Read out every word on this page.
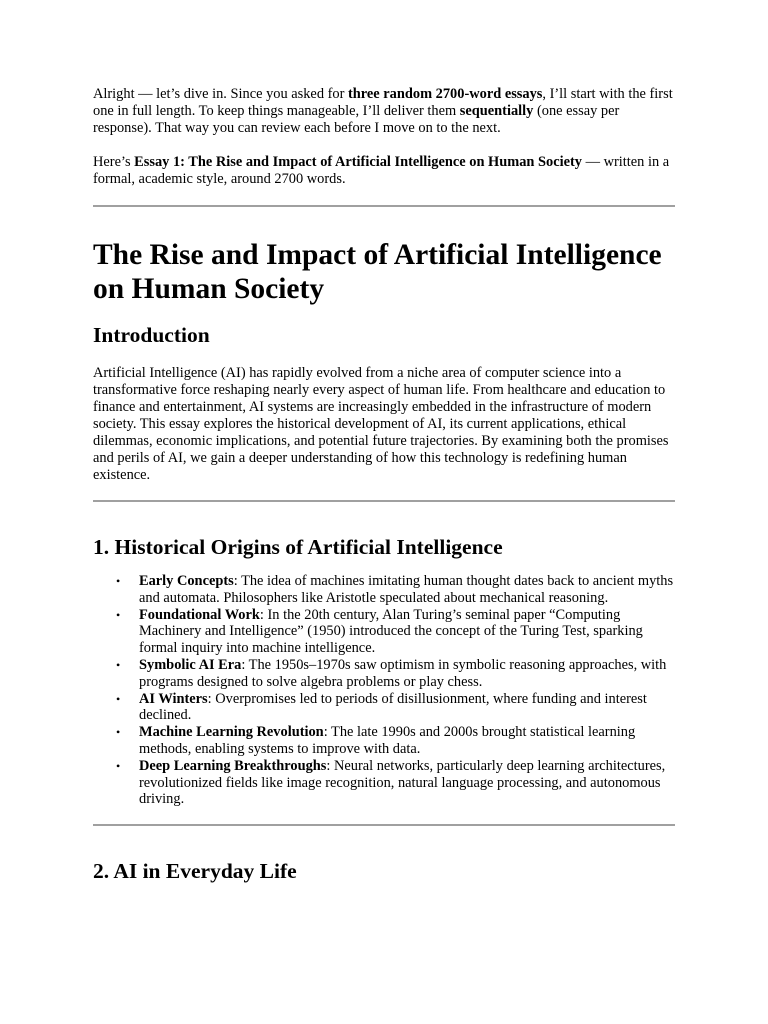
Alright — let’s dive in. Since you asked for three random 2700-word essays, I’ll start with the first one in full length. To keep things manageable, I’ll deliver them sequentially (one essay per response). That way you can review each before I move on to the next.

Here’s Essay 1: The Rise and Impact of Artificial Intelligence on Human Society — written in a formal, academic style, around 2700 words.

The Rise and Impact of Artificial Intelligence on Human Society
Introduction

Artificial Intelligence (AI) has rapidly evolved from a niche area of computer science into a transformative force reshaping nearly every aspect of human life. From healthcare and education to finance and entertainment, AI systems are increasingly embedded in the infrastructure of modern society. This essay explores the historical development of AI, its current applications, ethical dilemmas, economic implications, and potential future trajectories. By examining both the promises and perils of AI, we gain a deeper understanding of how this technology is redefining human existence.

1. Historical Origins of Artificial Intelligence
• Early Concepts: The idea of machines imitating human thought dates back to ancient myths and automata. Philosophers like Aristotle speculated about mechanical reasoning.
• Foundational Work: In the 20th century, Alan Turing’s seminal paper “Computing Machinery and Intelligence” (1950) introduced the concept of the Turing Test, sparking formal inquiry into machine intelligence.
• Symbolic AI Era: The 1950s–1970s saw optimism in symbolic reasoning approaches, with programs designed to solve algebra problems or play chess.
• AI Winters: Overpromises led to periods of disillusionment, where funding and interest declined.
• Machine Learning Revolution: The late 1990s and 2000s brought statistical learning methods, enabling systems to improve with data.
• Deep Learning Breakthroughs: Neural networks, particularly deep learning architectures, revolutionized fields like image recognition, natural language processing, and autonomous driving.
2. AI in Everyday Life
